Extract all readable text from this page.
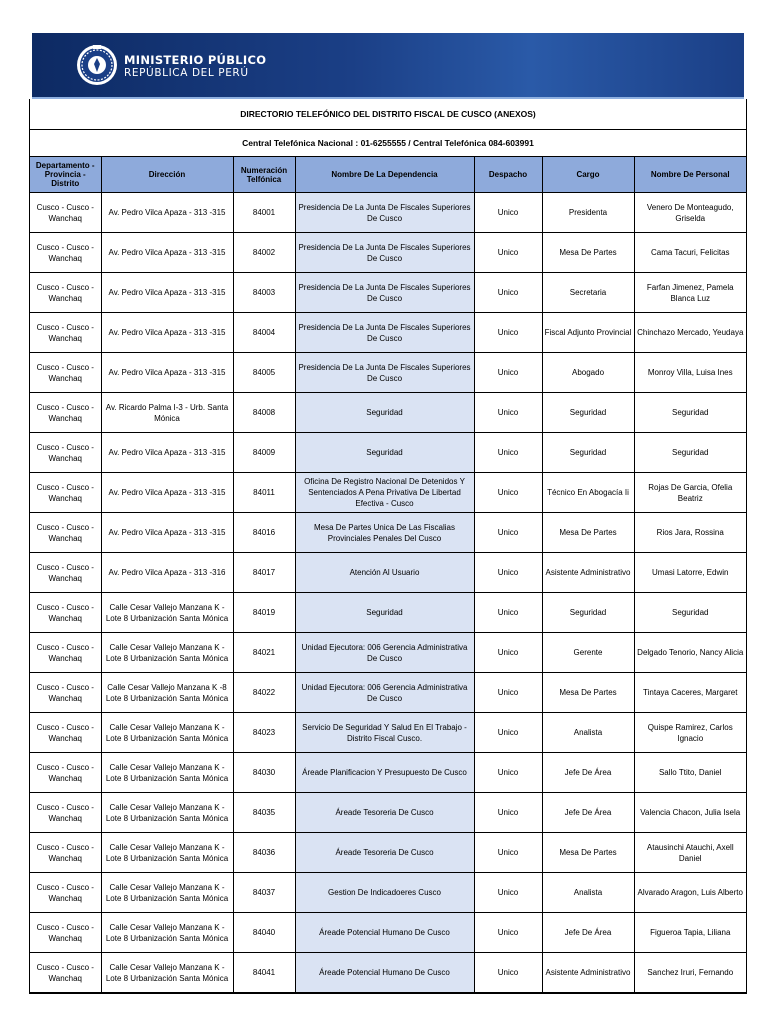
MINISTERIO PÚBLICO
REPÚBLICA DEL PERÚ
DIRECTORIO TELEFÓNICO DEL DISTRITO FISCAL DE CUSCO (ANEXOS)
Central Telefónica Nacional : 01-6255555 / Central Telefónica 084-603991
Departamento - Provincia - Distrito	Dirección	Numeración Telfónica	Nombre De La Dependencia	Despacho	Cargo	Nombre De Personal
Cusco - Cusco - Wanchaq	Av. Pedro Vilca Apaza - 313 -315	84001	Presidencia De La Junta De Fiscales Superiores De Cusco	Unico	Presidenta	Venero De Monteagudo, Griselda
Cusco - Cusco - Wanchaq	Av. Pedro Vilca Apaza - 313 -315	84002	Presidencia De La Junta De Fiscales Superiores De Cusco	Unico	Mesa De Partes	Cama Tacuri, Felicitas
Cusco - Cusco - Wanchaq	Av. Pedro Vilca Apaza - 313 -315	84003	Presidencia De La Junta De Fiscales Superiores De Cusco	Unico	Secretaria	Farfan Jimenez, Pamela Blanca Luz
Cusco - Cusco - Wanchaq	Av. Pedro Vilca Apaza - 313 -315	84004	Presidencia De La Junta De Fiscales Superiores De Cusco	Unico	Fiscal Adjunto Provincial	Chinchazo Mercado, Yeudaya
Cusco - Cusco - Wanchaq	Av. Pedro Vilca Apaza - 313 -315	84005	Presidencia De La Junta De Fiscales Superiores De Cusco	Unico	Abogado	Monroy Villa, Luisa Ines
Cusco - Cusco - Wanchaq	Av. Ricardo Palma I-3 - Urb. Santa Mónica	84008	Seguridad	Unico	Seguridad	Seguridad
Cusco - Cusco - Wanchaq	Av. Pedro Vilca Apaza - 313 -315	84009	Seguridad	Unico	Seguridad	Seguridad
Cusco - Cusco - Wanchaq	Av. Pedro Vilca Apaza - 313 -315	84011	Oficina De Registro Nacional De Detenidos Y Sentenciados A Pena Privativa De Libertad Efectiva - Cusco	Unico	Técnico En Abogacía Ii	Rojas De Garcia, Ofelia Beatriz
Cusco - Cusco - Wanchaq	Av. Pedro Vilca Apaza - 313 -315	84016	Mesa De Partes Unica De Las Fiscalias Provinciales Penales Del Cusco	Unico	Mesa De Partes	Rios Jara, Rossina
Cusco - Cusco - Wanchaq	Av. Pedro Vilca Apaza - 313 -316	84017	Atención Al Usuario	Unico	Asistente Administrativo	Umasi Latorre, Edwin
Cusco - Cusco - Wanchaq	Calle Cesar Vallejo Manzana K - Lote 8 Urbanización Santa Mónica	84019	Seguridad	Unico	Seguridad	Seguridad
Cusco - Cusco - Wanchaq	Calle Cesar Vallejo Manzana K - Lote 8 Urbanización Santa Mónica	84021	Unidad Ejecutora: 006 Gerencia Administrativa De Cusco	Unico	Gerente	Delgado Tenorio, Nancy Alicia
Cusco - Cusco - Wanchaq	Calle Cesar Vallejo Manzana K -8 Lote 8 Urbanización Santa Mónica	84022	Unidad Ejecutora: 006 Gerencia Administrativa De Cusco	Unico	Mesa De Partes	Tintaya Caceres, Margaret
Cusco - Cusco - Wanchaq	Calle Cesar Vallejo Manzana K - Lote 8 Urbanización Santa Mónica	84023	Servicio De Seguridad Y Salud En El Trabajo - Distrito Fiscal Cusco.	Unico	Analista	Quispe Ramirez, Carlos Ignacio
Cusco - Cusco - Wanchaq	Calle Cesar Vallejo Manzana K - Lote 8 Urbanización Santa Mónica	84030	Áreade Planificacion Y Presupuesto De Cusco	Unico	Jefe De Área	Sallo Ttito, Daniel
Cusco - Cusco - Wanchaq	Calle Cesar Vallejo Manzana K - Lote 8 Urbanización Santa Mónica	84035	Áreade Tesoreria De Cusco	Unico	Jefe De Área	Valencia Chacon, Julia Isela
Cusco - Cusco - Wanchaq	Calle Cesar Vallejo Manzana K - Lote 8 Urbanización Santa Mónica	84036	Áreade Tesoreria De Cusco	Unico	Mesa De Partes	Atausinchi Atauchi, Axell Daniel
Cusco - Cusco - Wanchaq	Calle Cesar Vallejo Manzana K - Lote 8 Urbanización Santa Mónica	84037	Gestion De Indicadoeres Cusco	Unico	Analista	Alvarado Aragon, Luis Alberto
Cusco - Cusco - Wanchaq	Calle Cesar Vallejo Manzana K - Lote 8 Urbanización Santa Mónica	84040	Áreade Potencial Humano De Cusco	Unico	Jefe De Área	Figueroa Tapia, Liliana
Cusco - Cusco - Wanchaq	Calle Cesar Vallejo Manzana K - Lote 8 Urbanización Santa Mónica	84041	Áreade Potencial Humano De Cusco	Unico	Asistente Administrativo	Sanchez Iruri, Fernando
